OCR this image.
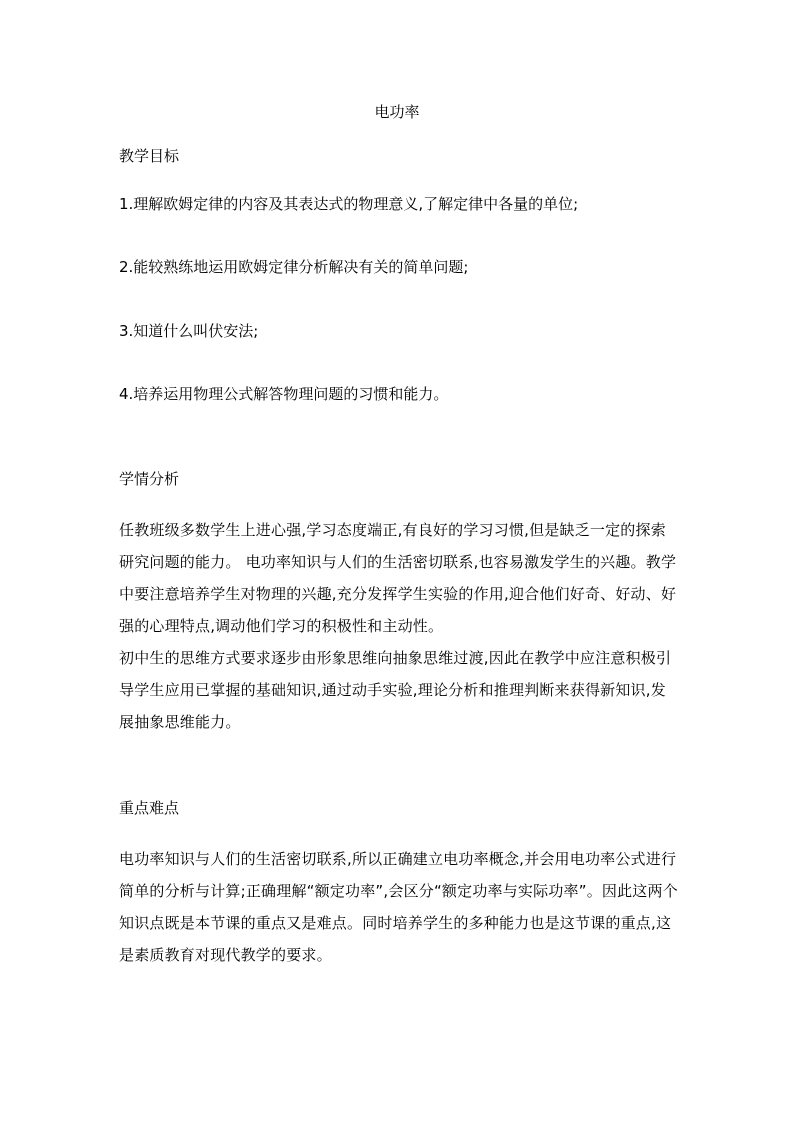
电功率
教学目标
1.理解欧姆定律的内容及其表达式的物理意义,了解定律中各量的单位;
2.能较熟练地运用欧姆定律分析解决有关的简单问题;
3.知道什么叫伏安法;
4.培养运用物理公式解答物理问题的习惯和能力。
学情分析

任教班级多数学生上进心强,学习态度端正,有良好的学习习惯,但是缺乏一定的探索研究问题的能力。 电功率知识与人们的生活密切联系,也容易激发学生的兴趣。教学中要注意培养学生对物理的兴趣,充分发挥学生实验的作用,迎合他们好奇、好动、好强的心理特点,调动他们学习的积极性和主动性。

初中生的思维方式要求逐步由形象思维向抽象思维过渡,因此在教学中应注意积极引导学生应用已掌握的基础知识,通过动手实验,理论分析和推理判断来获得新知识,发展抽象思维能力。

重点难点

电功率知识与人们的生活密切联系,所以正确建立电功率概念,并会用电功率公式进行简单的分析与计算;正确理解“额定功率”,会区分“额定功率与实际功率”。因此这两个知识点既是本节课的重点又是难点。同时培养学生的多种能力也是这节课的重点,这是素质教育对现代教学的要求。
